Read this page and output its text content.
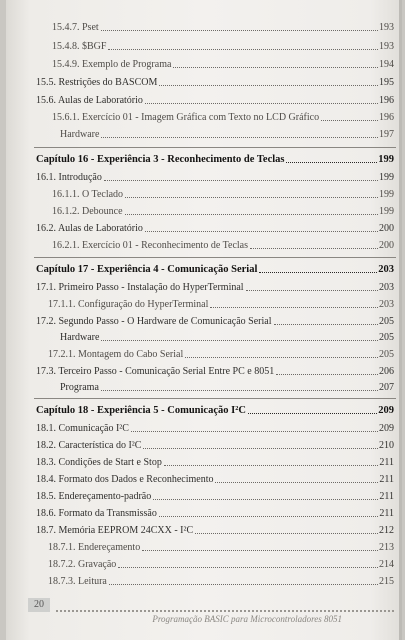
15.4.7. Pset	193
15.4.8. $BGF	193
15.4.9. Exemplo de Programa	194
15.5. Restrições do BASCOM	195
15.6. Aulas de Laboratório	196
15.6.1. Exercício 01 - Imagem Gráfica com Texto no LCD Gráfico	196
Hardware	197
Capítulo 16 - Experiência 3 - Reconhecimento de Teclas	199
16.1. Introdução	199
16.1.1. O Teclado	199
16.1.2. Debounce	199
16.2. Aulas de Laboratório	200
16.2.1. Exercício 01 - Reconhecimento de Teclas	200
Capítulo 17 - Experiência 4 - Comunicação Serial	203
17.1. Primeiro Passo - Instalação do HyperTerminal	203
17.1.1. Configuração do HyperTerminal	203
17.2. Segundo Passo - O Hardware de Comunicação Serial	205
Hardware	205
17.2.1. Montagem do Cabo Serial	205
17.3. Terceiro Passo - Comunicação Serial Entre PC e 8051	206
Programa	207
Capítulo 18 - Experiência 5 - Comunicação I²C	209
18.1. Comunicação I²C	209
18.2. Característica do I²C	210
18.3. Condições de Start e Stop	211
18.4. Formato dos Dados e Reconhecimento	211
18.5. Endereçamento-padrão	211
18.6. Formato da Transmissão	211
18.7. Memória EEPROM 24CXX - I²C	212
18.7.1. Endereçamento	213
18.7.2. Gravação	214
18.7.3. Leitura	215
20
Programação BASIC para Microcontroladores 8051
